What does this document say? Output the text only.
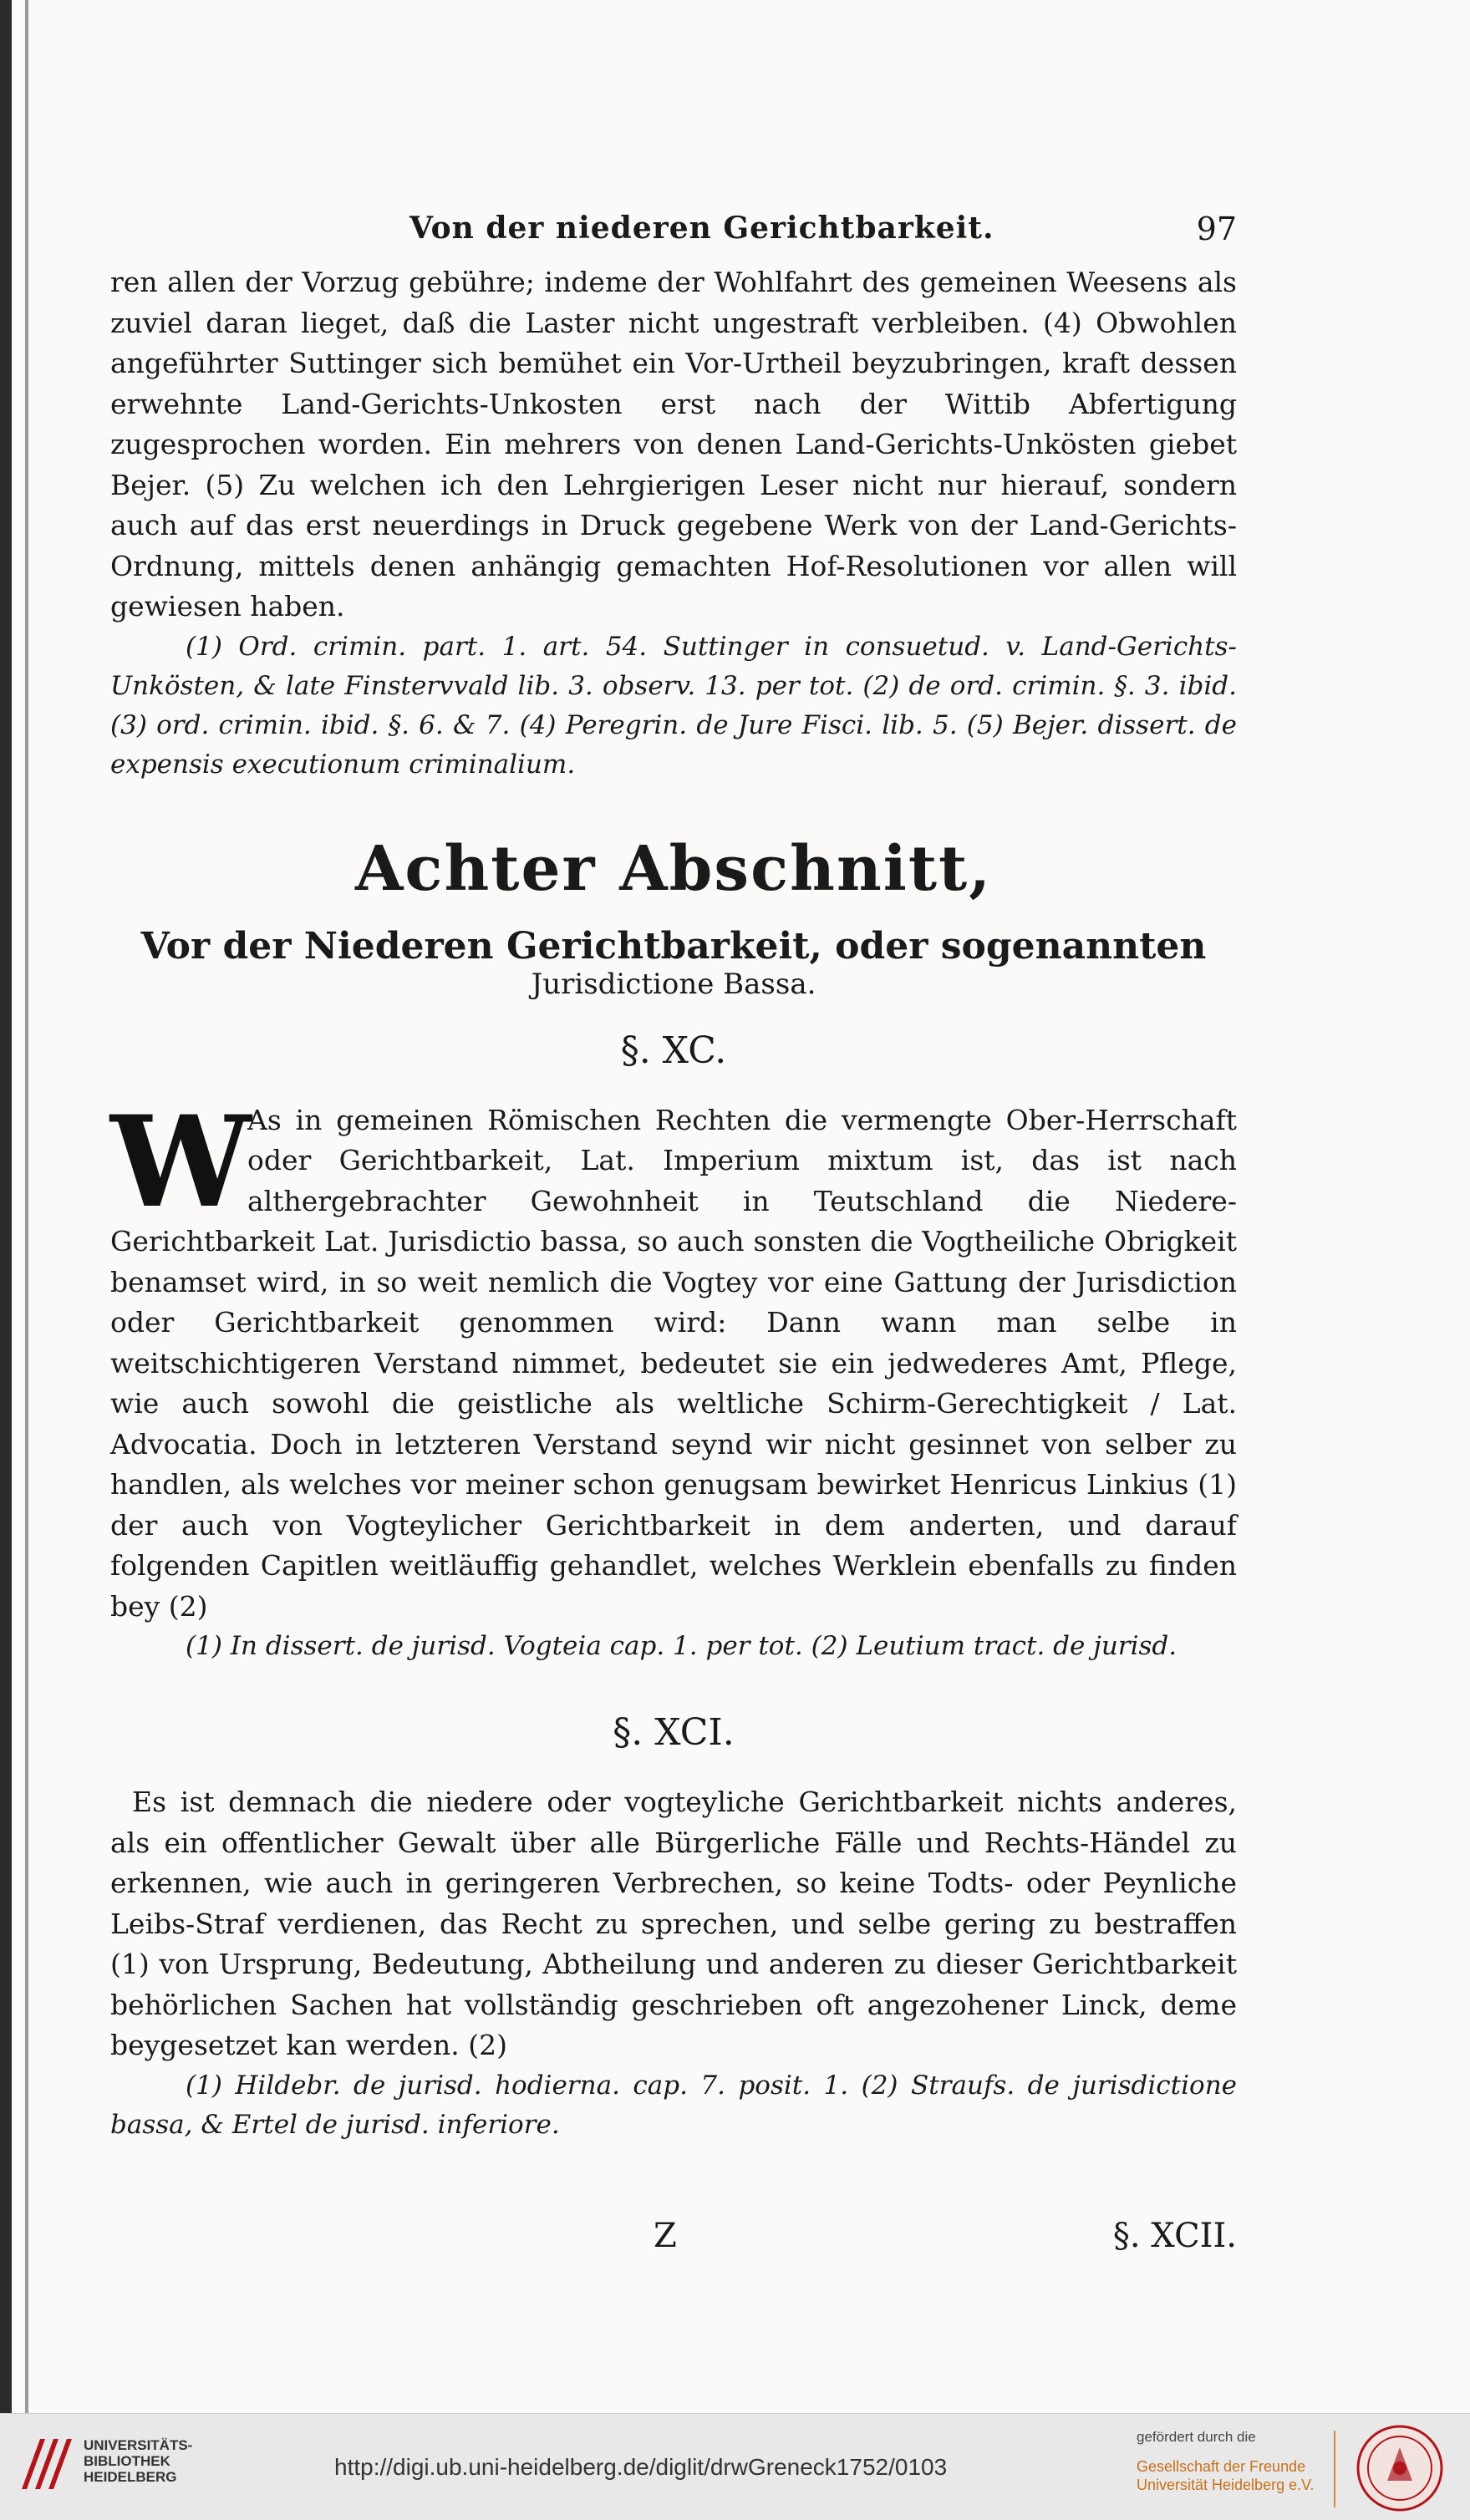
Von der niederen Gerichtbarkeit.	97

ren allen der Vorzug gebühre; indeme der Wohlfahrt des gemeinen Weesens als zuviel daran lieget, daß die Laster nicht ungestraft verbleiben. (4) Obwohlen angeführter Suttinger sich bemühet ein Vor-Urtheil beyzubringen, kraft dessen erwehnte Land-Gerichts-Unkosten erst nach der Wittib Abfertigung zugesprochen worden. Ein mehrers von denen Land-Gerichts-Unkösten giebet Bejer. (5) Zu welchen ich den Lehrgierigen Leser nicht nur hierauf, sondern auch auf das erst neuerdings in Druck gegebene Werk von der Land-Gerichts-Ordnung, mittels denen anhängig gemachten Hof-Resolutionen vor allen will gewiesen haben.

(1) Ord. crimin. part. 1. art. 54. Suttinger in consuetud. v. Land-Gerichts-Unkösten, & late Finstervvald lib. 3. observ. 13. per tot. (2) de ord. crimin. §. 3. ibid. (3) ord. crimin. ibid. §. 6. & 7. (4) Peregrin. de Jure Fisci. lib. 5. (5) Bejer. dissert. de expensis executionum criminalium.

Achter Abschnitt,
Vor der Niederen Gerichtbarkeit, oder sogenannten
Jurisdictione Bassa.
§. XC.
W

As in gemeinen Römischen Rechten die vermengte Ober-Herrschaft oder Gerichtbarkeit, Lat. Imperium mixtum ist, das ist nach althergebrachter Gewohnheit in Teutschland die Niedere-Gerichtbarkeit Lat. Jurisdictio bassa, so auch sonsten die Vogtheiliche Obrigkeit benamset wird, in so weit nemlich die Vogtey vor eine Gattung der Jurisdiction oder Gerichtbarkeit genommen wird: Dann wann man selbe in weitschichtigeren Verstand nimmet, bedeutet sie ein jedwederes Amt, Pflege, wie auch sowohl die geistliche als weltliche Schirm-Gerechtigkeit / Lat. Advocatia. Doch in letzteren Verstand seynd wir nicht gesinnet von selber zu handlen, als welches vor meiner schon genugsam bewirket Henricus Linkius (1) der auch von Vogteylicher Gerichtbarkeit in dem anderten, und darauf folgenden Capitlen weitläuffig gehandlet, welches Werklein ebenfalls zu finden bey (2)

(1) In dissert. de jurisd. Vogteia cap. 1. per tot. (2) Leutium tract. de jurisd.

§. XCI.

Es ist demnach die niedere oder vogteyliche Gerichtbarkeit nichts anderes, als ein offentlicher Gewalt über alle Bürgerliche Fälle und Rechts-Händel zu erkennen, wie auch in geringeren Verbrechen, so keine Todts- oder Peynliche Leibs-Straf verdienen, das Recht zu sprechen, und selbe gering zu bestraffen (1) von Ursprung, Bedeutung, Abtheilung und anderen zu dieser Gerichtbarkeit behörlichen Sachen hat vollständig geschrieben oft angezohener Linck, deme beygesetzet kan werden. (2)

(1) Hildebr. de jurisd. hodierna. cap. 7. posit. 1. (2) Straufs. de jurisdictione bassa, & Ertel de jurisd. inferiore.

Z	§. XCII.
UNIVERSITÄTS-
BIBLIOTHEK
HEIDELBERG	http://digi.ub.uni-heidelberg.de/diglit/drwGreneck1752/0103
gefördert durch die
Gesellschaft der Freunde
Universität Heidelberg e.V.
